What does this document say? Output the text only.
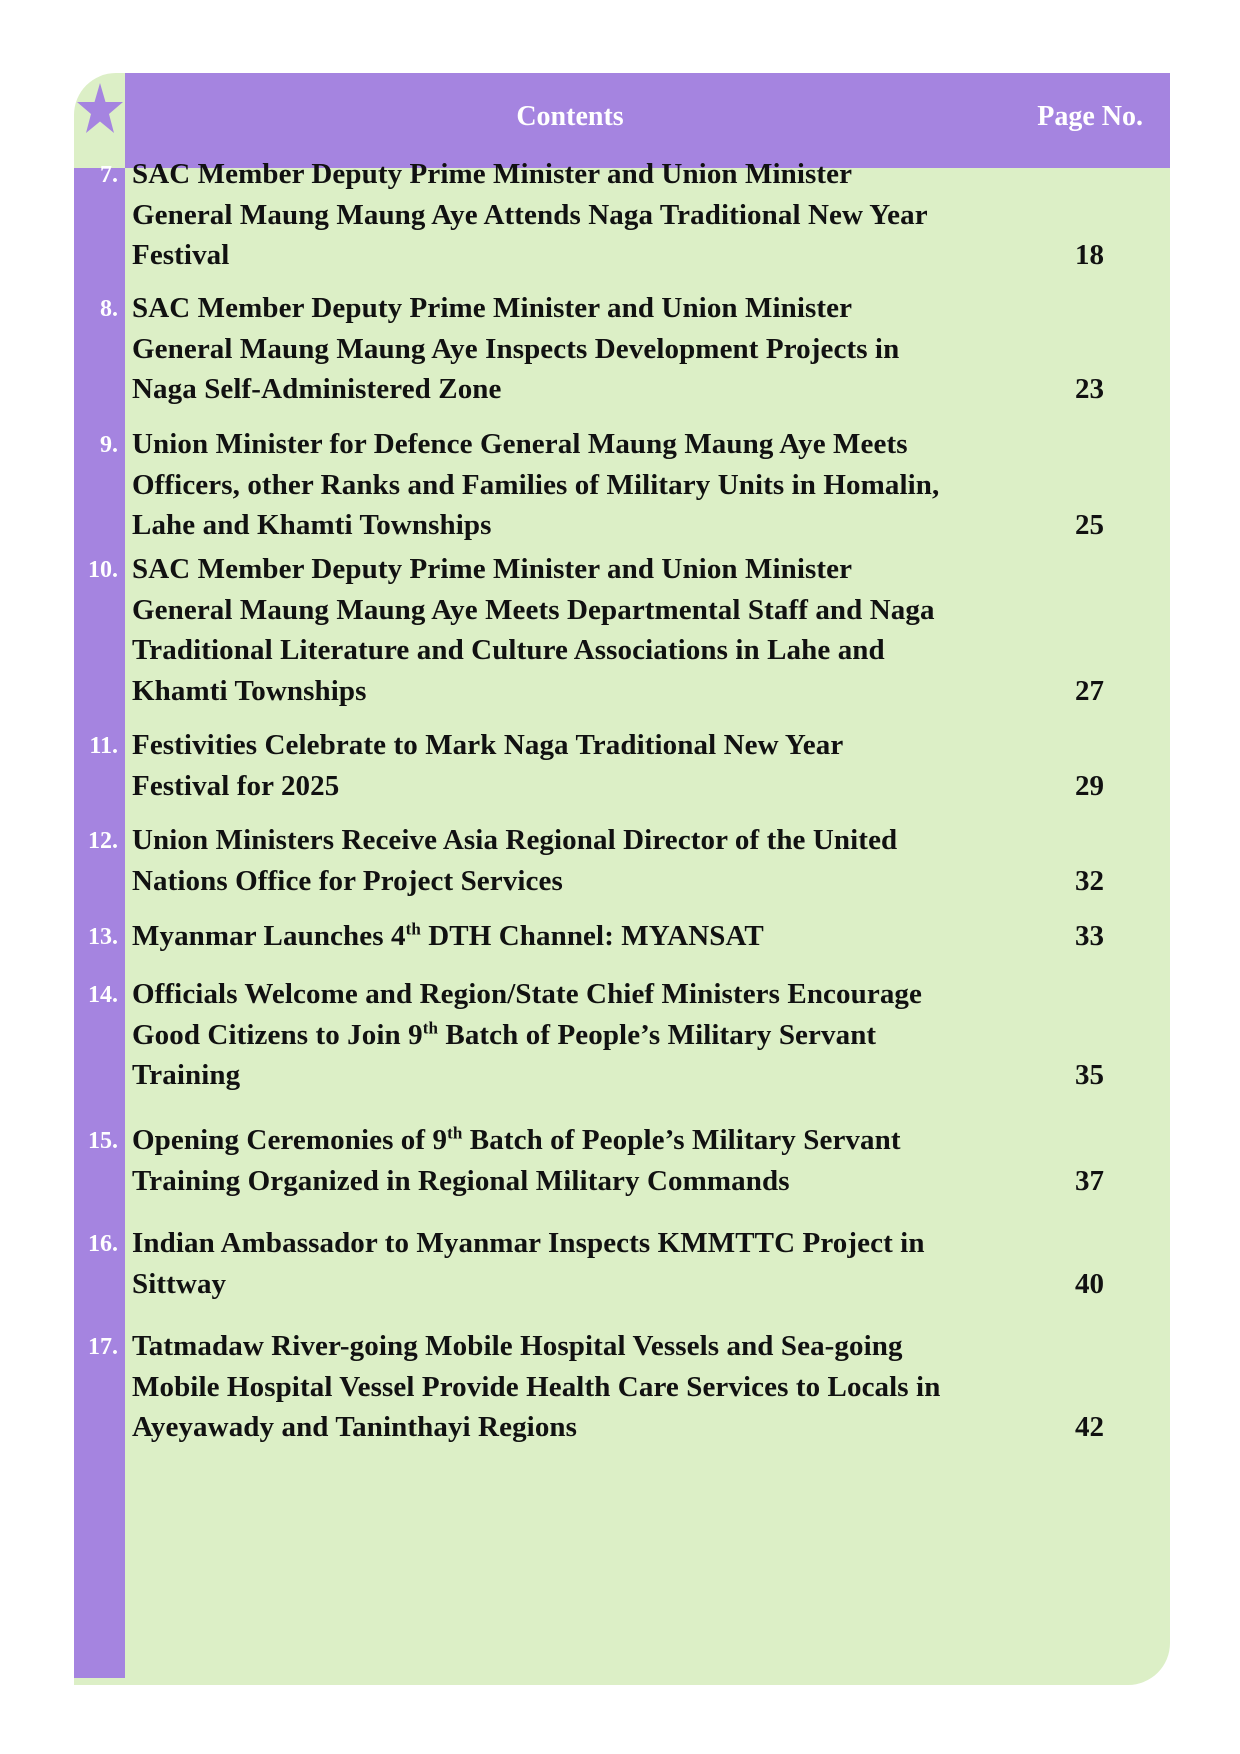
Contents	Page No.
7. SAC Member Deputy Prime Minister and Union Minister
General Maung Maung Aye Attends Naga Traditional New Year
Festival	18
8. SAC Member Deputy Prime Minister and Union Minister
General Maung Maung Aye Inspects Development Projects in
Naga Self-Administered Zone	23
9. Union Minister for Defence General Maung Maung Aye Meets
Officers, other Ranks and Families of Military Units in Homalin,
Lahe and Khamti Townships	25
10. SAC Member Deputy Prime Minister and Union Minister
General Maung Maung Aye Meets Departmental Staff and Naga
Traditional Literature and Culture Associations in Lahe and
Khamti Townships	27
11. Festivities Celebrate to Mark Naga Traditional New Year
Festival for 2025	29
12. Union Ministers Receive Asia Regional Director of the United
Nations Office for Project Services	32
13. Myanmar Launches 4th DTH Channel: MYANSAT	33
14. Officials Welcome and Region/State Chief Ministers Encourage
Good Citizens to Join 9th Batch of People’s Military Servant
Training	35
15. Opening Ceremonies of 9th Batch of People’s Military Servant
Training Organized in Regional Military Commands	37
16. Indian Ambassador to Myanmar Inspects KMMTTC Project in
Sittway	40
17. Tatmadaw River-going Mobile Hospital Vessels and Sea-going
Mobile Hospital Vessel Provide Health Care Services to Locals in
Ayeyawady and Taninthayi Regions	42
